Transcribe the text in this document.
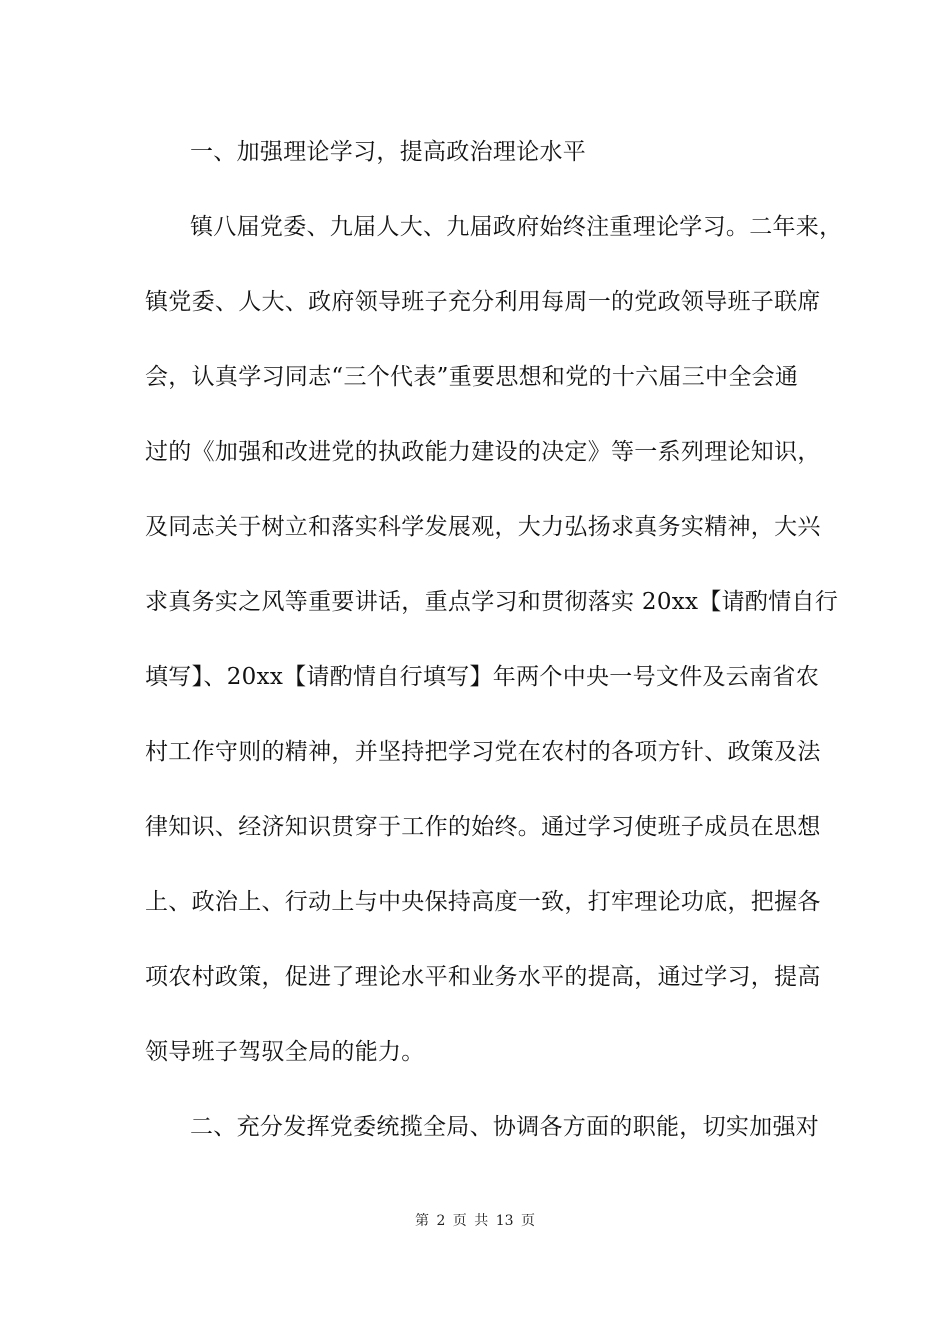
一、加强理论学习，提高政治理论水平
镇八届党委、九届人大、九届政府始终注重理论学习。二年来，
镇党委、人大、政府领导班子充分利用每周一的党政领导班子联席
会，认真学习同志“三个代表”重要思想和党的十六届三中全会通
过的《加强和改进党的执政能力建设的决定》等一系列理论知识，
及同志关于树立和落实科学发展观，大力弘扬求真务实精神，大兴
求真务实之风等重要讲话，重点学习和贯彻落实 20xx【请酌情自行
填写】、20xx【请酌情自行填写】年两个中央一号文件及云南省农
村工作守则的精神，并坚持把学习党在农村的各项方针、政策及法
律知识、经济知识贯穿于工作的始终。通过学习使班子成员在思想
上、政治上、行动上与中央保持高度一致，打牢理论功底，把握各
项农村政策，促进了理论水平和业务水平的提高，通过学习，提高
领导班子驾驭全局的能力。
二、充分发挥党委统揽全局、协调各方面的职能，切实加强对
第 2 页 共 13 页
